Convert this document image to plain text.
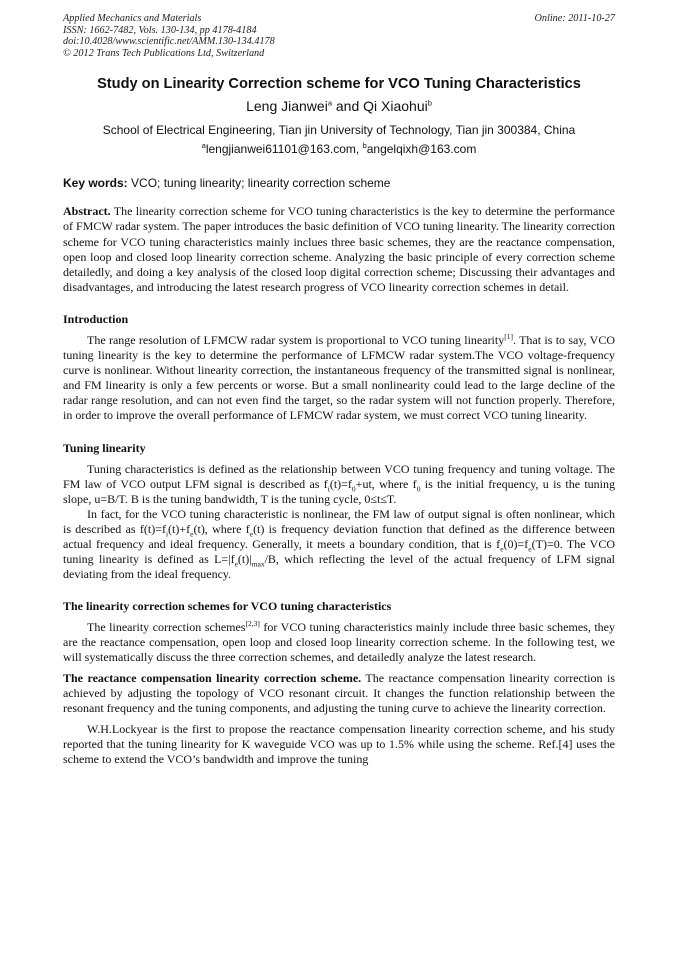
Applied Mechanics and Materials
ISSN: 1662-7482, Vols. 130-134, pp 4178-4184
doi:10.4028/www.scientific.net/AMM.130-134.4178
© 2012 Trans Tech Publications Ltd, Switzerland
Online: 2011-10-27
Study on Linearity Correction scheme for VCO Tuning Characteristics
Leng Jianwei$^a$ and Qi Xiaohui$^b$
School of Electrical Engineering, Tian jin University of Technology, Tian jin 300384, China
$^a$lengjianwei61101@163.com, $^b$angelqixh@163.com
Key words: VCO; tuning linearity; linearity correction scheme

Abstract. The linearity correction scheme for VCO tuning characteristics is the key to determine the performance of FMCW radar system. The paper introduces the basic definition of VCO tuning linearity. The linearity correction scheme for VCO tuning characteristics mainly inclues three basic schemes, they are the reactance compensation, open loop and closed loop linearity correction scheme. Analyzing the basic principle of every correction scheme detailedly, and doing a key analysis of the closed loop digital correction scheme; Discussing their advantages and disadvantages, and introducing the latest research progress of VCO linearity correction schemes in detail.

Introduction

The range resolution of LFMCW radar system is proportional to VCO tuning linearity[1]. That is to say, VCO tuning linearity is the key to determine the performance of LFMCW radar system.The VCO voltage-frequency curve is nonlinear. Without linearity correction, the instantaneous frequency of the transmitted signal is nonlinear, and FM linearity is only a few percents or worse. But a small nonlinearity could lead to the large decline of the radar range resolution, and can not even find the target, so the radar system will not function properly. Therefore, in order to improve the overall performance of LFMCW radar system, we must correct VCO tuning linearity.

Tuning linearity

Tuning characteristics is defined as the relationship between VCO tuning frequency and tuning voltage. The FM law of VCO output LFM signal is described as $f_i(t)=f_0+ut$, where $f_0$ is the initial frequency, u is the tuning slope, u=B/T. B is the tuning bandwidth, T is the tuning cycle, 0≤t≤T.

In fact, for the VCO tuning characteristic is nonlinear, the FM law of output signal is often nonlinear, which is described as $f(t)=f_i(t)+f_e(t)$, where $f_e(t)$ is frequency deviation function that defined as the difference between actual frequency and ideal frequency. Generally, it meets a boundary condition, that is $f_e(0)=f_e(T)=0$. The VCO tuning linearity is defined as $L=|f_e(t)|_{max}/B$, which reflecting the level of the actual frequency of LFM signal deviating from the ideal frequency.

The linearity correction schemes for VCO tuning characteristics

The linearity correction schemes[2,3] for VCO tuning characteristics mainly include three basic schemes, they are the reactance compensation, open loop and closed loop linearity correction scheme. In the following test, we will systematically discuss the three correction schemes, and detailedly analyze the latest research.

The reactance compensation linearity correction scheme. The reactance compensation linearity correction is achieved by adjusting the topology of VCO resonant circuit. It changes the function relationship between the resonant frequency and the tuning components, and adjusting the tuning curve to achieve the linearity correction.

W.H.Lockyear is the first to propose the reactance compensation linearity correction scheme, and his study reported that the tuning linearity for K waveguide VCO was up to 1.5% while using the scheme. Ref.[4] uses the scheme to extend the VCO’s bandwidth and improve the tuning
